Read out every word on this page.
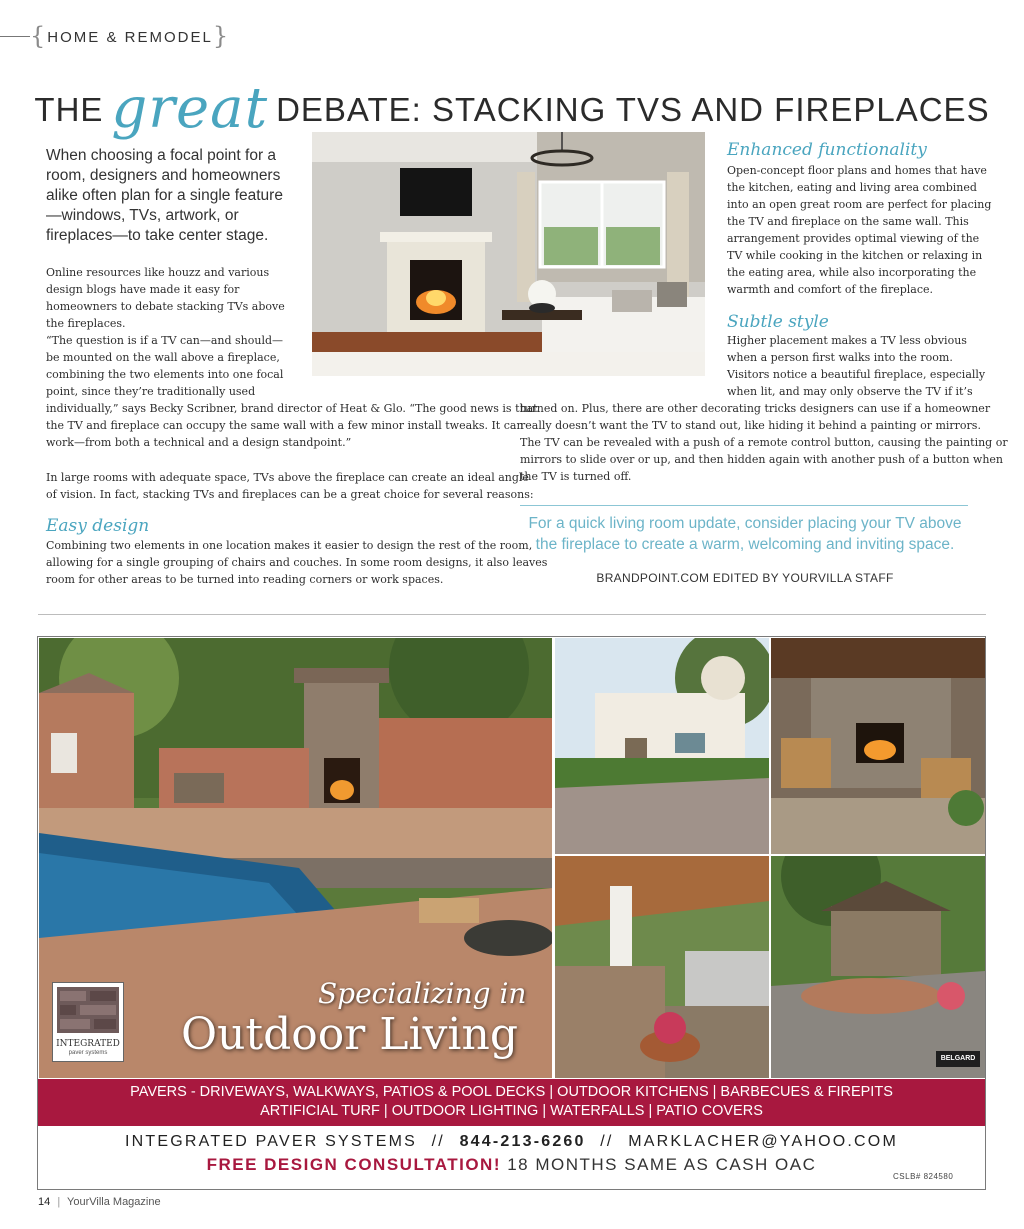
{HOME & REMODEL}
THE great DEBATE: STACKING TVS AND FIREPLACES
When choosing a focal point for a room, designers and homeowners alike often plan for a single feature—windows, TVs, artwork, or fireplaces—to take center stage.
Online resources like houzz and various design blogs have made it easy for homeowners to debate stacking TVs above the fireplaces.
“The question is if a TV can—and should—
be mounted on the wall above a fireplace,
combining the two elements into one focal
point, since they’re traditionally used
individually,” says Becky Scribner, brand director of Heat & Glo. “The good news is that
the TV and fireplace can occupy the same wall with a few minor install tweaks. It can
work—from both a technical and a design standpoint.”
In large rooms with adequate space, TVs above the fireplace can create an ideal angle
of vision. In fact, stacking TVs and fireplaces can be a great choice for several reasons:
Easy design
Combining two elements in one location makes it easier to design the rest of the room,
allowing for a single grouping of chairs and couches. In some room designs, it also leaves
room for other areas to be turned into reading corners or work spaces.
Enhanced functionality
Open-concept floor plans and homes that have
the kitchen, eating and living area combined
into an open great room are perfect for placing
the TV and fireplace on the same wall. This
arrangement provides optimal viewing of the
TV while cooking in the kitchen or relaxing in
the eating area, while also incorporating the
warmth and comfort of the fireplace.
Subtle style
Higher placement makes a TV less obvious
when a person first walks into the room.
Visitors notice a beautiful fireplace, especially
when lit, and may only observe the TV if it’s
turned on. Plus, there are other decorating tricks designers can use if a homeowner
really doesn’t want the TV to stand out, like hiding it behind a painting or mirrors.
The TV can be revealed with a push of a remote control button, causing the painting or
mirrors to slide over or up, and then hidden again with another push of a button when
the TV is turned off.
For a quick living room update, consider placing your TV above the fireplace to create a warm, welcoming and inviting space.
BRANDPOINT.COM EDITED BY YOURVILLA STAFF
INTEGRATED
paver systems
Specializing in
Outdoor Living	BELGARD
PAVERS - DRIVEWAYS, WALKWAYS, PATIOS & POOL DECKS | OUTDOOR KITCHENS | BARBECUES & FIREPITS
ARTIFICIAL TURF | OUTDOOR LIGHTING | WATERFALLS | PATIO COVERS
INTEGRATED PAVER SYSTEMS // 844-213-6260 // MARKLACHER@YAHOO.COM
FREE DESIGN CONSULTATION! 18 MONTHS SAME AS CASH OAC
CSLB# 824580
14 | YourVilla Magazine
